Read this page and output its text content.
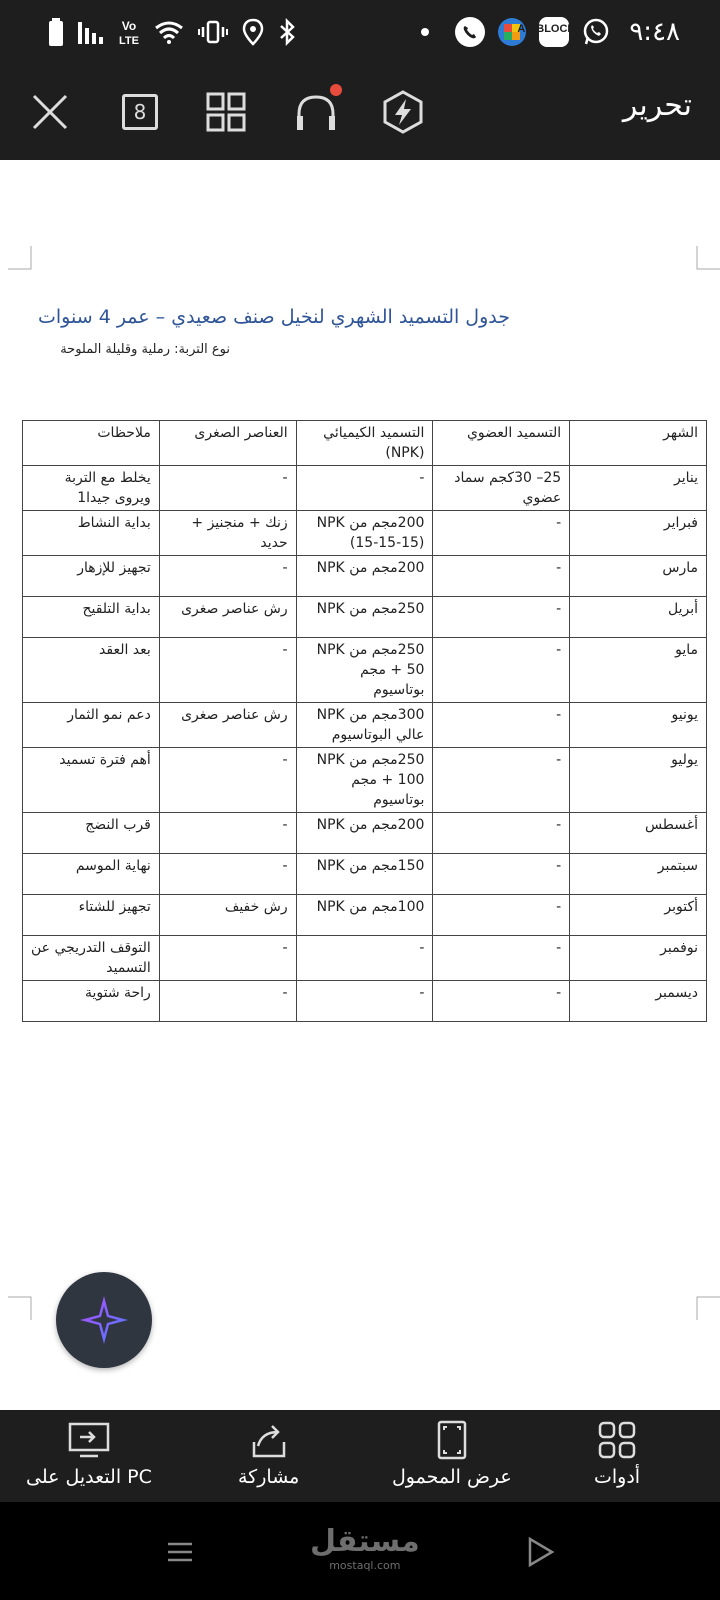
Vo
LTE
AD BLOCKER ٩:٤٨
8	تحرير
جدول التسميد الشهري لنخيل صنف صعيدي – عمر 4 سنوات
نوع التربة: رملية وقليلة الملوحة
الشهر	التسميد العضوي	التسميد الكيميائي (NPK)	العناصر الصغرى	ملاحظات
يناير	25– 30كجم سماد عضوي	-	-	يخلط مع التربة ويروى جيدا1
فبراير	-	200مجم من NPK (15-15-15)	زنك + منجنيز + حديد	بداية النشاط
مارس	-	200مجم من NPK	-	تجهيز للإزهار
أبريل	-	250مجم من NPK	رش عناصر صغرى	بداية التلقيح
مايو	-	250مجم من NPK + 50 مجم بوتاسيوم	-	بعد العقد
يونيو	-	300مجم من NPK عالي البوتاسيوم	رش عناصر صغرى	دعم نمو الثمار
يوليو	-	250مجم من NPK + 100 مجم بوتاسيوم	-	أهم فترة تسميد
أغسطس	-	200مجم من NPK	-	قرب النضج
سبتمبر	-	150مجم من NPK	-	نهاية الموسم
أكتوبر	-	100مجم من NPK	رش خفيف	تجهيز للشتاء
نوفمبر	-	-	-	التوقف التدريجي عن التسميد
ديسمبر	-	-	-	راحة شتوية
التعديل على PC	مشاركة	عرض المحمول	أدوات
مستقل
mostaql.com
